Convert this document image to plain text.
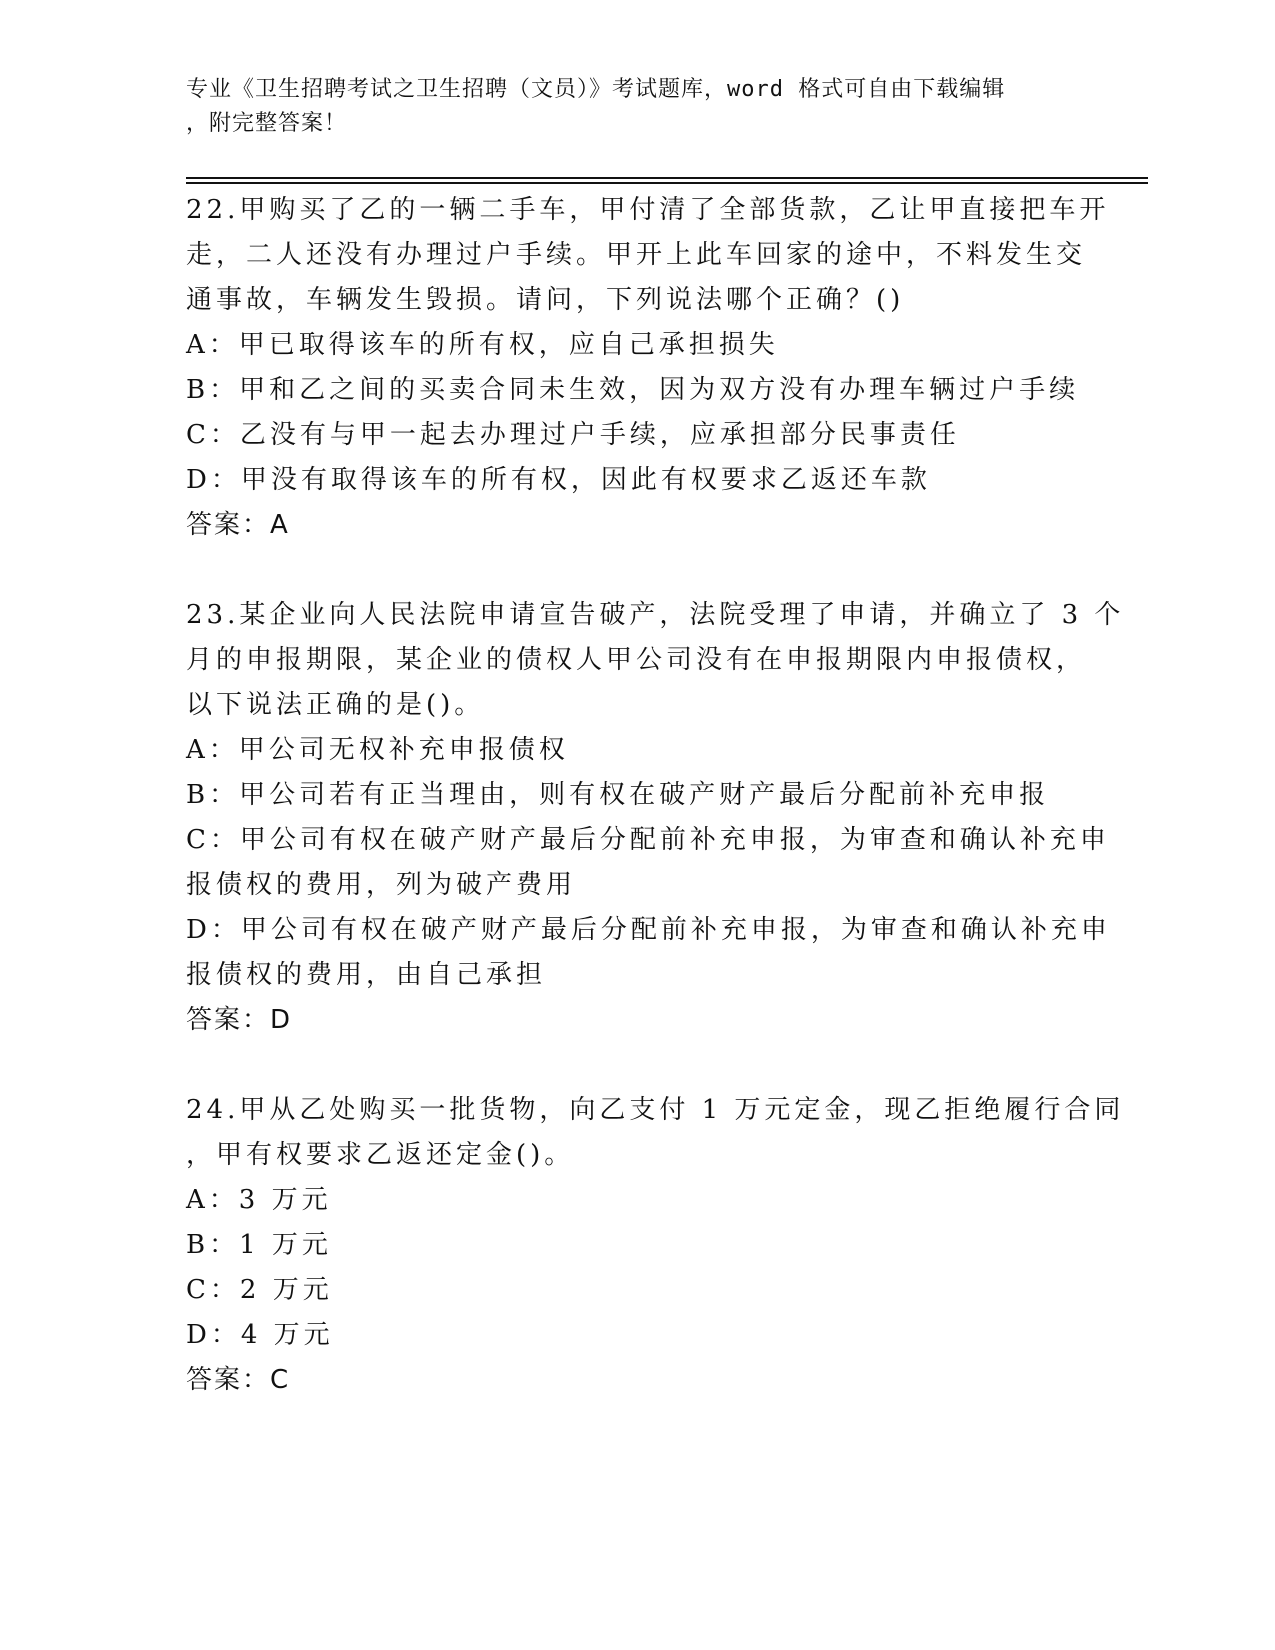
专业《卫生招聘考试之卫生招聘（文员）》考试题库，word 格式可自由下载编辑
，附完整答案！
22.甲购买了乙的一辆二手车，甲付清了全部货款，乙让甲直接把车开
走，二人还没有办理过户手续。甲开上此车回家的途中，不料发生交
通事故，车辆发生毁损。请问，下列说法哪个正确？()
A：甲已取得该车的所有权，应自己承担损失
B：甲和乙之间的买卖合同未生效，因为双方没有办理车辆过户手续
C：乙没有与甲一起去办理过户手续，应承担部分民事责任
D：甲没有取得该车的所有权，因此有权要求乙返还车款
答案：A
23.某企业向人民法院申请宣告破产，法院受理了申请，并确立了 3 个
月的申报期限，某企业的债权人甲公司没有在申报期限内申报债权，
以下说法正确的是()。
A：甲公司无权补充申报债权
B：甲公司若有正当理由，则有权在破产财产最后分配前补充申报
C：甲公司有权在破产财产最后分配前补充申报，为审查和确认补充申
报债权的费用，列为破产费用
D：甲公司有权在破产财产最后分配前补充申报，为审查和确认补充申
报债权的费用，由自己承担
答案：D
24.甲从乙处购买一批货物，向乙支付 1 万元定金，现乙拒绝履行合同
，甲有权要求乙返还定金()。
A：3 万元
B：1 万元
C：2 万元
D：4 万元
答案：C
